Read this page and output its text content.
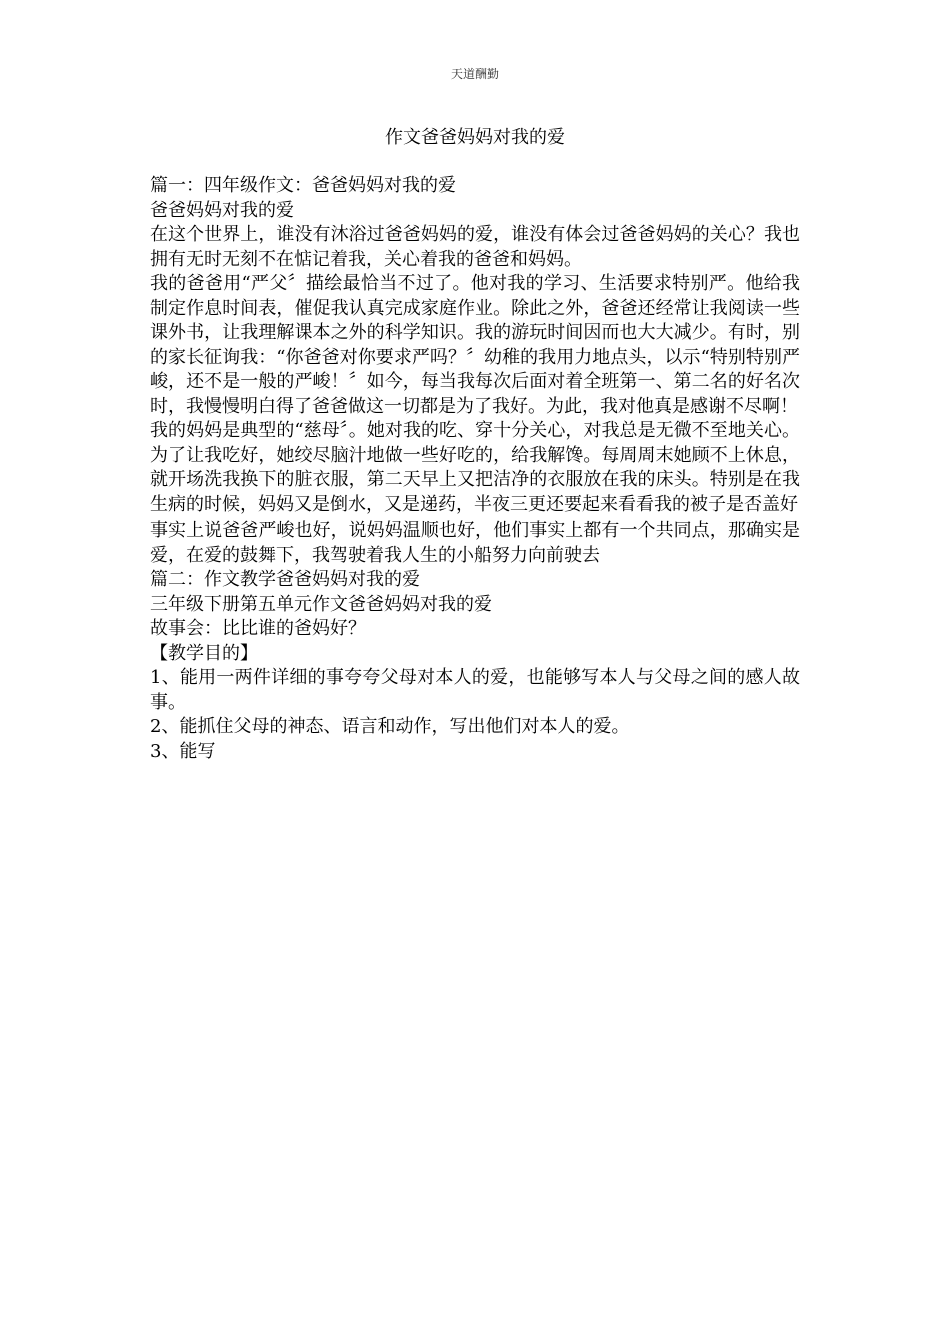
天道酬勤
作文爸爸妈妈对我的爱

篇一：四年级作文：爸爸妈妈对我的爱

爸爸妈妈对我的爱

在这个世界上，谁没有沐浴过爸爸妈妈的爱，谁没有体会过爸爸妈妈的关心？我也拥有无时无刻不在惦记着我，关心着我的爸爸和妈妈。

我的爸爸用“严父〞描绘最恰当不过了。他对我的学习、生活要求特别严。他给我制定作息时间表，催促我认真完成家庭作业。除此之外，爸爸还经常让我阅读一些课外书，让我理解课本之外的科学知识。我的游玩时间因而也大大减少。有时，别的家长征询我：“你爸爸对你要求严吗？〞幼稚的我用力地点头，以示“特别特别严峻，还不是一般的严峻！〞如今，每当我每次后面对着全班第一、第二名的好名次时，我慢慢明白得了爸爸做这一切都是为了我好。为此，我对他真是感谢不尽啊！

我的妈妈是典型的“慈母〞。她对我的吃、穿十分关心，对我总是无微不至地关心。为了让我吃好，她绞尽脑汁地做一些好吃的，给我解馋。每周周末她顾不上休息，就开场洗我换下的脏衣服，第二天早上又把洁净的衣服放在我的床头。特别是在我生病的时候，妈妈又是倒水，又是递药，半夜三更还要起来看看我的被子是否盖好

事实上说爸爸严峻也好，说妈妈温顺也好，他们事实上都有一个共同点，那确实是爱，在爱的鼓舞下，我驾驶着我人生的小船努力向前驶去

篇二：作文教学爸爸妈妈对我的爱

三年级下册第五单元作文爸爸妈妈对我的爱

故事会：比比谁的爸妈好？

【教学目的】

1、能用一两件详细的事夸夸父母对本人的爱，也能够写本人与父母之间的感人故事。

2、能抓住父母的神态、语言和动作，写出他们对本人的爱。

3、能写
